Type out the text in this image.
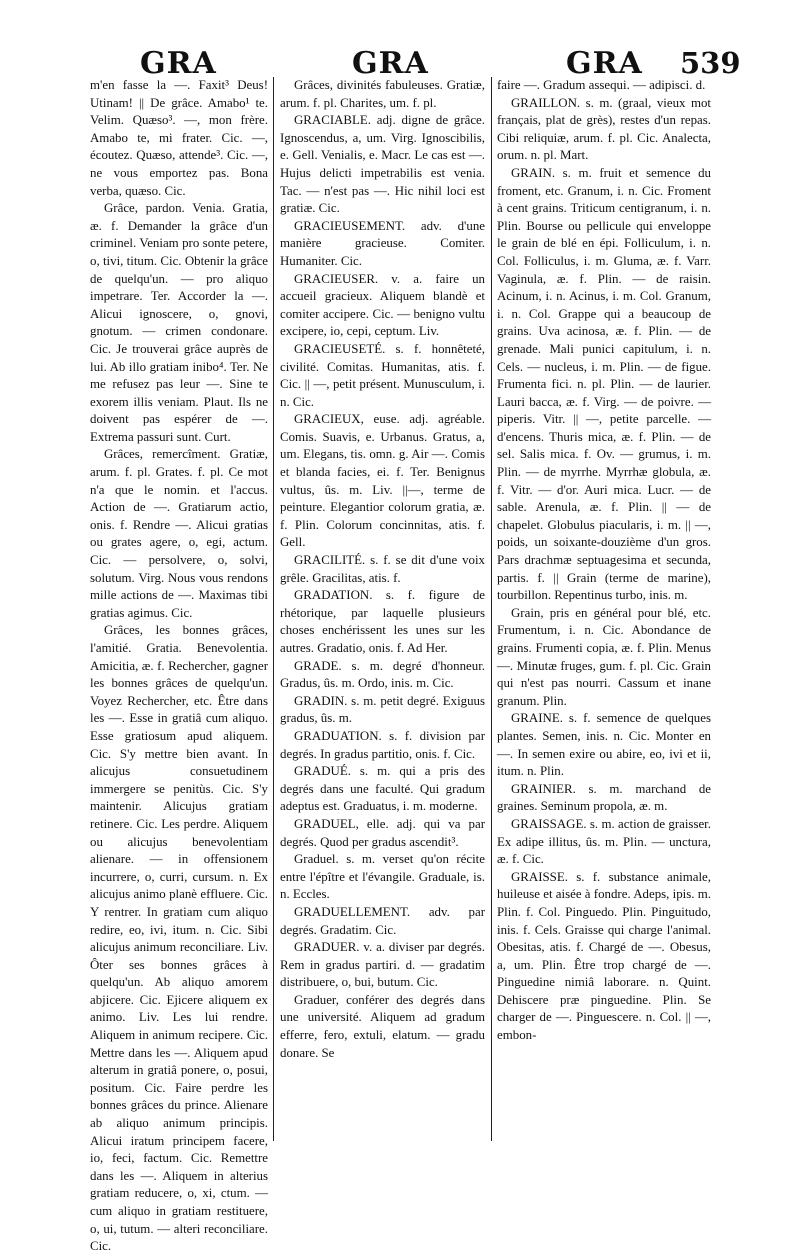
GRA	GRA	GRA 539

m'en fasse la —. Faxit³ Deus! Utinam! || De grâce. Amabo¹ te. Velim. Quæso³. —, mon frère. Amabo te, mi frater. Cic. —, écoutez. Quæso, attende³. Cic. —, ne vous emportez pas. Bona verba, quæso. Cic.

Grâce, pardon. Venia. Gratia, æ. f. Demander la grâce d'un criminel. Veniam pro sonte petere, o, tivi, titum. Cic. Obtenir la grâce de quelqu'un. — pro aliquo impetrare. Ter. Accorder la —. Alicui ignoscere, o, gnovi, gnotum. — crimen condonare. Cic. Je trouverai grâce auprès de lui. Ab illo gratiam inibo⁴. Ter. Ne me refusez pas leur —. Sine te exorem illis veniam. Plaut. Ils ne doivent pas espérer de —. Extrema passuri sunt. Curt.

Grâces, remercîment. Gratiæ, arum. f. pl. Grates. f. pl. Ce mot n'a que le nomin. et l'accus. Action de —. Gratiarum actio, onis. f. Rendre —. Alicui gratias ou grates agere, o, egi, actum. Cic. — persolvere, o, solvi, solutum. Virg. Nous vous rendons mille actions de —. Maximas tibi gratias agimus. Cic.

Grâces, les bonnes grâces, l'amitié. Gratia. Benevolentia. Amicitia, æ. f. Rechercher, gagner les bonnes grâces de quelqu'un. Voyez Rechercher, etc. Être dans les —. Esse in gratiâ cum aliquo. Esse gratiosum apud aliquem. Cic. S'y mettre bien avant. In alicujus consuetudinem immergere se penitùs. Cic. S'y maintenir. Alicujus gratiam retinere. Cic. Les perdre. Aliquem ou alicujus benevolentiam alienare. — in offensionem incurrere, o, curri, cursum. n. Ex alicujus animo planè effluere. Cic. Y rentrer. In gratiam cum aliquo redire, eo, ivi, itum. n. Cic. Sibi alicujus animum reconciliare. Liv. Ôter ses bonnes grâces à quelqu'un. Ab aliquo amorem abjicere. Cic. Ejicere aliquem ex animo. Liv. Les lui rendre. Aliquem in animum recipere. Cic. Mettre dans les —. Aliquem apud alterum in gratiâ ponere, o, posui, positum. Cic. Faire perdre les bonnes grâces du prince. Alienare ab aliquo animum principis. Alicui iratum principem facere, io, feci, factum. Cic. Remettre dans les —. Aliquem in alterius gratiam reducere, o, xi, ctum. — cum aliquo in gratiam restituere, o, ui, tutum. — alteri reconciliare. Cic.

Grâces, divinités fabuleuses. Gratiæ, arum. f. pl. Charites, um. f. pl.

GRACIABLE. adj. digne de grâce. Ignoscendus, a, um. Virg. Ignoscibilis, e. Gell. Venialis, e. Macr. Le cas est —. Hujus delicti impetrabilis est venia. Tac. — n'est pas —. Hic nihil loci est gratiæ. Cic.

GRACIEUSEMENT. adv. d'une manière gracieuse. Comiter. Humaniter. Cic.

GRACIEUSER. v. a. faire un accueil gracieux. Aliquem blandè et comiter accipere. Cic. — benigno vultu excipere, io, cepi, ceptum. Liv.

GRACIEUSETÉ. s. f. honnêteté, civilité. Comitas. Humanitas, atis. f. Cic. || —, petit présent. Munusculum, i. n. Cic.

GRACIEUX, euse. adj. agréable. Comis. Suavis, e. Urbanus. Gratus, a, um. Elegans, tis. omn. g. Air —. Comis et blanda facies, ei. f. Ter. Benignus vultus, ûs. m. Liv. ||—, terme de peinture. Elegantior colorum gratia, æ. f. Plin. Colorum concinnitas, atis. f. Gell.

GRACILITÉ. s. f. se dit d'une voix grêle. Gracilitas, atis. f.

GRADATION. s. f. figure de rhétorique, par laquelle plusieurs choses enchérissent les unes sur les autres. Gradatio, onis. f. Ad Her.

GRADE. s. m. degré d'honneur. Gradus, ûs. m. Ordo, inis. m. Cic.

GRADIN. s. m. petit degré. Exiguus gradus, ûs. m.

GRADUATION. s. f. division par degrés. In gradus partitio, onis. f. Cic.

GRADUÉ. s. m. qui a pris des degrés dans une faculté. Qui gradum adeptus est. Graduatus, i. m. moderne.

GRADUEL, elle. adj. qui va par degrés. Quod per gradus ascendit³.

Graduel. s. m. verset qu'on récite entre l'épître et l'évangile. Graduale, is. n. Eccles.

GRADUELLEMENT. adv. par degrés. Gradatim. Cic.

GRADUER. v. a. diviser par degrés. Rem in gradus partiri. d. — gradatim distribuere, o, bui, butum. Cic.

Graduer, conférer des degrés dans une université. Aliquem ad gradum efferre, fero, extuli, elatum. — gradu donare. Se

faire —. Gradum assequi. — adipisci. d.

GRAILLON. s. m. (graal, vieux mot français, plat de grès), restes d'un repas. Cibi reliquiæ, arum. f. pl. Cic. Analecta, orum. n. pl. Mart.

GRAIN. s. m. fruit et semence du froment, etc. Granum, i. n. Cic. Froment à cent grains. Triticum centigranum, i. n. Plin. Bourse ou pellicule qui enveloppe le grain de blé en épi. Folliculum, i. n. Col. Folliculus, i. m. Gluma, æ. f. Varr. Vaginula, æ. f. Plin. — de raisin. Acinum, i. n. Acinus, i. m. Col. Granum, i. n. Col. Grappe qui a beaucoup de grains. Uva acinosa, æ. f. Plin. — de grenade. Mali punici capitulum, i. n. Cels. — nucleus, i. m. Plin. — de figue. Frumenta fici. n. pl. Plin. — de laurier. Lauri bacca, æ. f. Virg. — de poivre. — piperis. Vitr. || —, petite parcelle. — d'encens. Thuris mica, æ. f. Plin. — de sel. Salis mica. f. Ov. — grumus, i. m. Plin. — de myrrhe. Myrrhæ globula, æ. f. Vitr. — d'or. Auri mica. Lucr. — de sable. Arenula, æ. f. Plin. || — de chapelet. Globulus piacularis, i. m. || —, poids, un soixante-douzième d'un gros. Pars drachmæ septuagesima et secunda, partis. f. || Grain (terme de marine), tourbillon. Repentinus turbo, inis. m.

Grain, pris en général pour blé, etc. Frumentum, i. n. Cic. Abondance de grains. Frumenti copia, æ. f. Plin. Menus —. Minutæ fruges, gum. f. pl. Cic. Grain qui n'est pas nourri. Cassum et inane granum. Plin.

GRAINE. s. f. semence de quelques plantes. Semen, inis. n. Cic. Monter en —. In semen exire ou abire, eo, ivi et ii, itum. n. Plin.

GRAINIER. s. m. marchand de graines. Seminum propola, æ. m.

GRAISSAGE. s. m. action de graisser. Ex adipe illitus, ûs. m. Plin. — unctura, æ. f. Cic.

GRAISSE. s. f. substance animale, huileuse et aisée à fondre. Adeps, ipis. m. Plin. f. Col. Pinguedo. Plin. Pinguitudo, inis. f. Cels. Graisse qui charge l'animal. Obesitas, atis. f. Chargé de —. Obesus, a, um. Plin. Être trop chargé de —. Pinguedine nimiâ laborare. n. Quint. Dehiscere præ pinguedine. Plin. Se charger de —. Pinguescere. n. Col. || —, embon-
